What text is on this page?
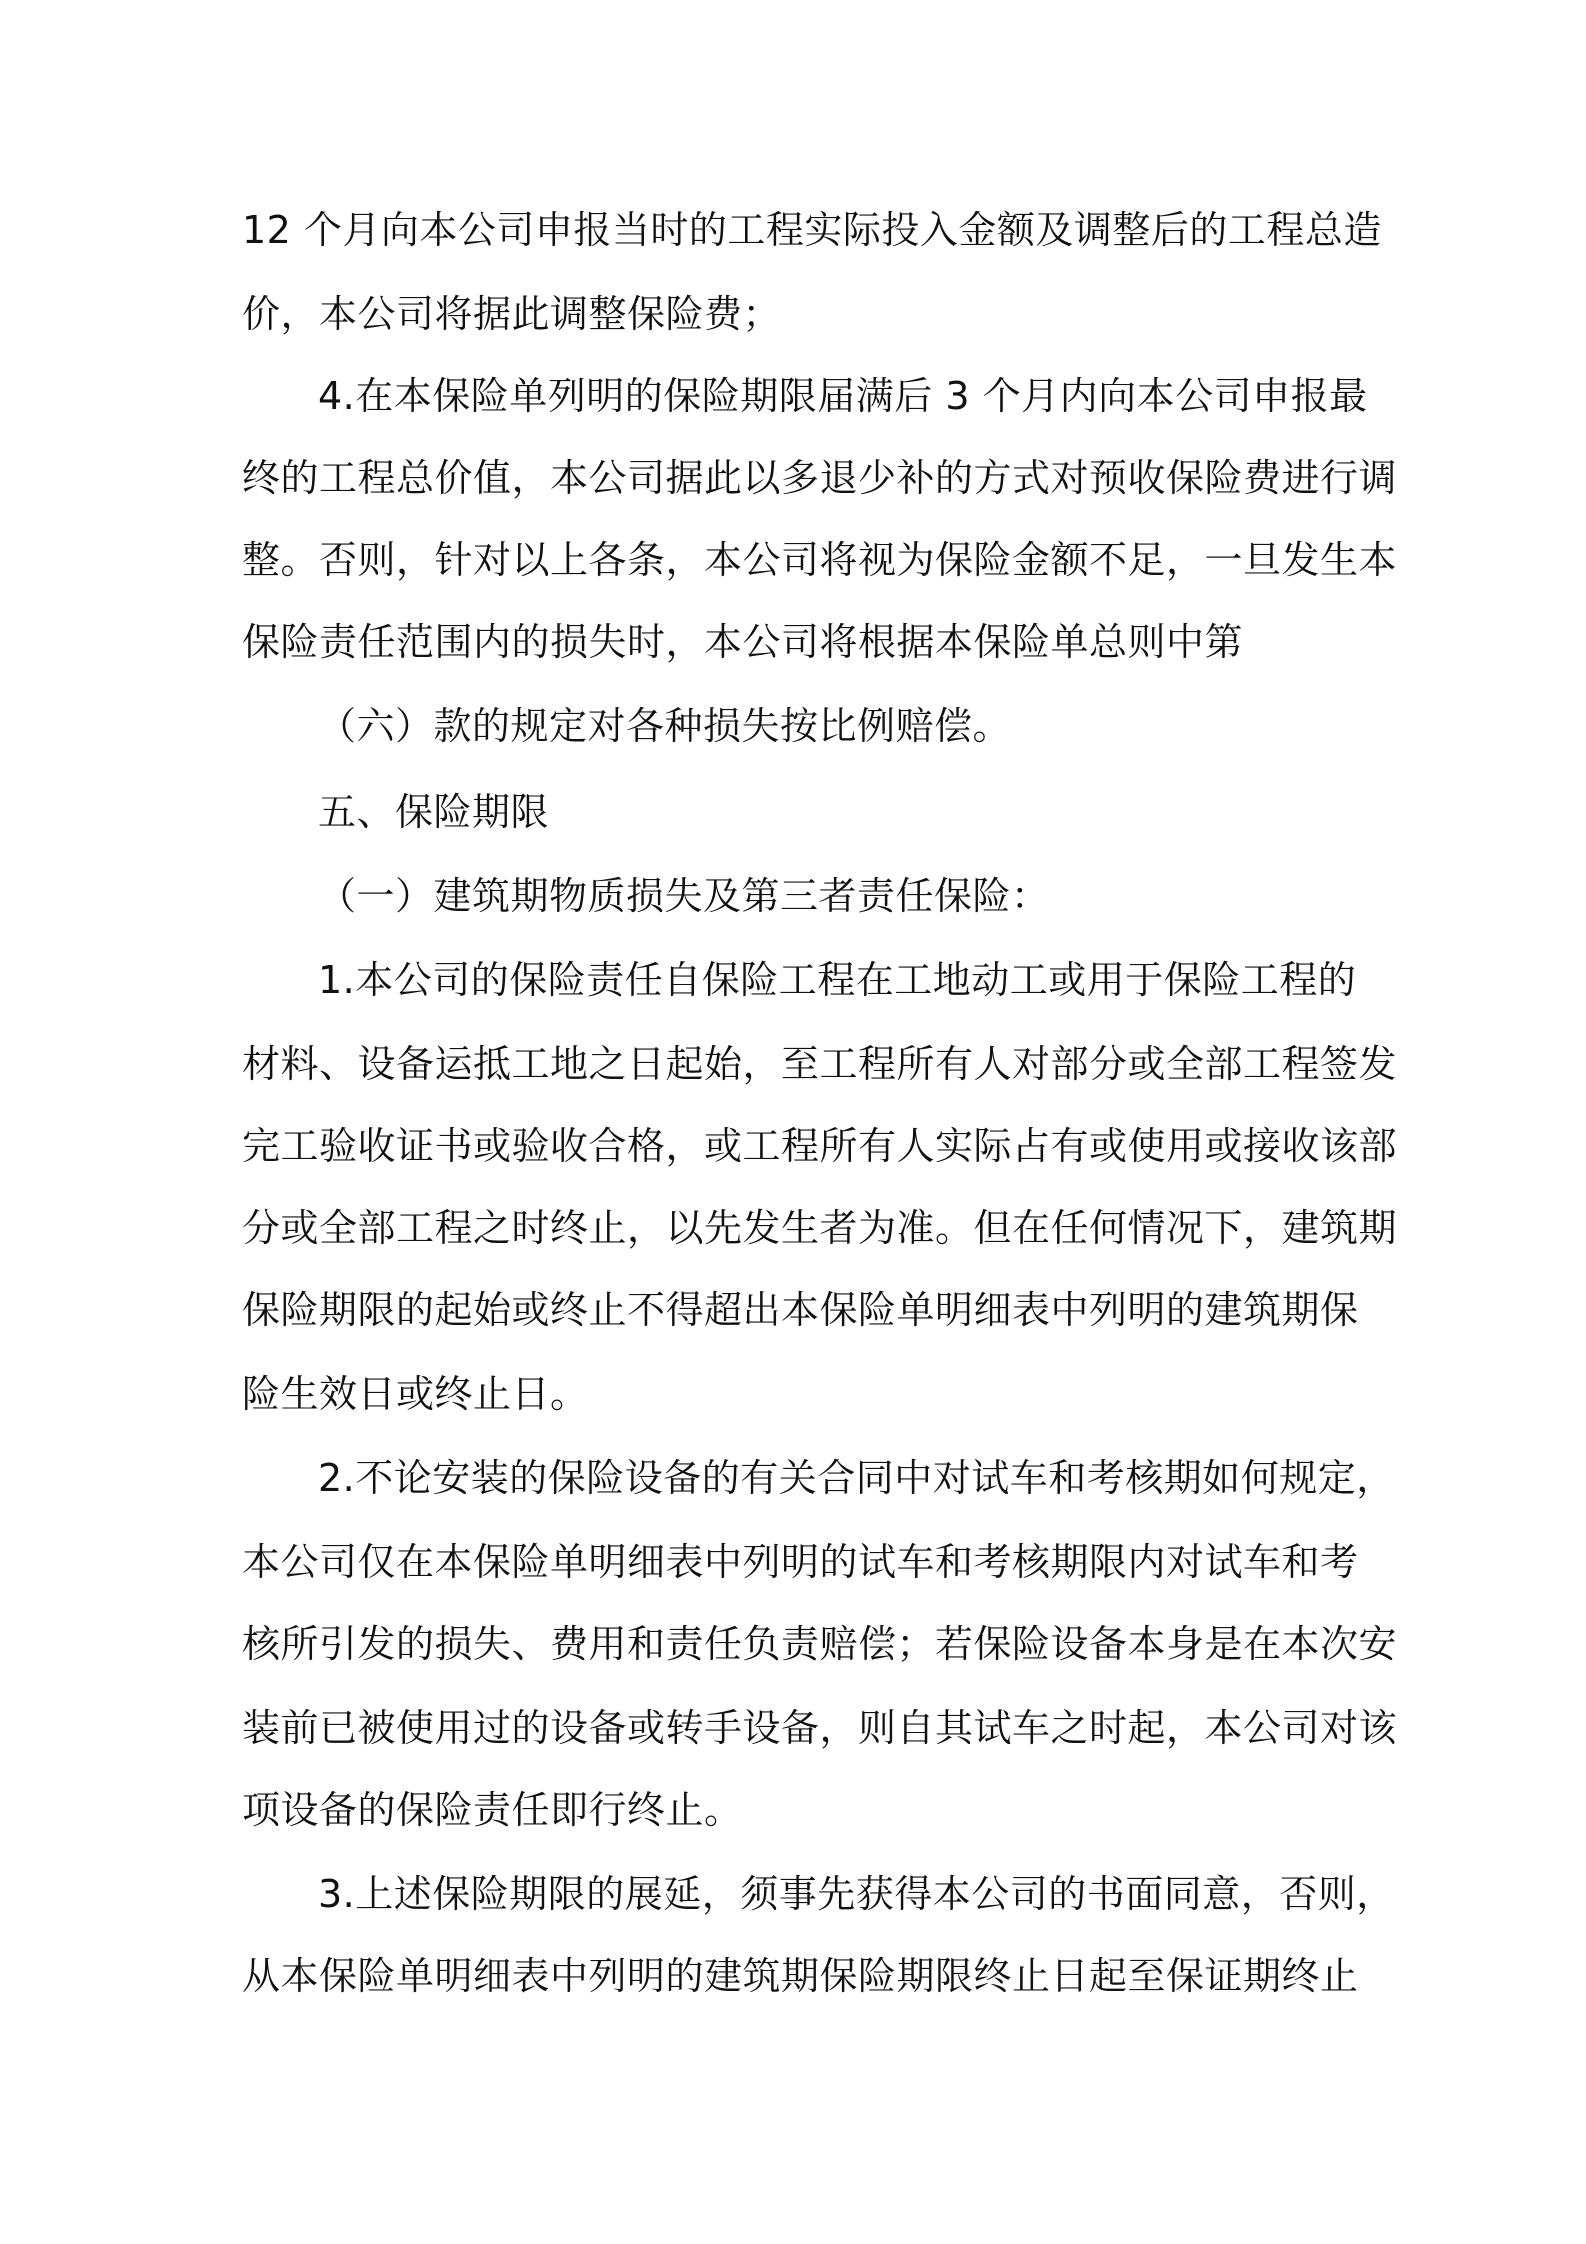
12 个月向本公司申报当时的工程实际投入金额及调整后的工程总造
价，本公司将据此调整保险费；
4.在本保险单列明的保险期限届满后 3 个月内向本公司申报最
终的工程总价值，本公司据此以多退少补的方式对预收保险费进行调
整。否则，针对以上各条，本公司将视为保险金额不足，一旦发生本
保险责任范围内的损失时，本公司将根据本保险单总则中第
（六）款的规定对各种损失按比例赔偿。
五、保险期限
（一）建筑期物质损失及第三者责任保险：
1.本公司的保险责任自保险工程在工地动工或用于保险工程的
材料、设备运抵工地之日起始，至工程所有人对部分或全部工程签发
完工验收证书或验收合格，或工程所有人实际占有或使用或接收该部
分或全部工程之时终止，以先发生者为准。但在任何情况下，建筑期
保险期限的起始或终止不得超出本保险单明细表中列明的建筑期保
险生效日或终止日。
2.不论安装的保险设备的有关合同中对试车和考核期如何规定，
本公司仅在本保险单明细表中列明的试车和考核期限内对试车和考
核所引发的损失、费用和责任负责赔偿；若保险设备本身是在本次安
装前已被使用过的设备或转手设备，则自其试车之时起，本公司对该
项设备的保险责任即行终止。
3.上述保险期限的展延，须事先获得本公司的书面同意，否则，
从本保险单明细表中列明的建筑期保险期限终止日起至保证期终止
